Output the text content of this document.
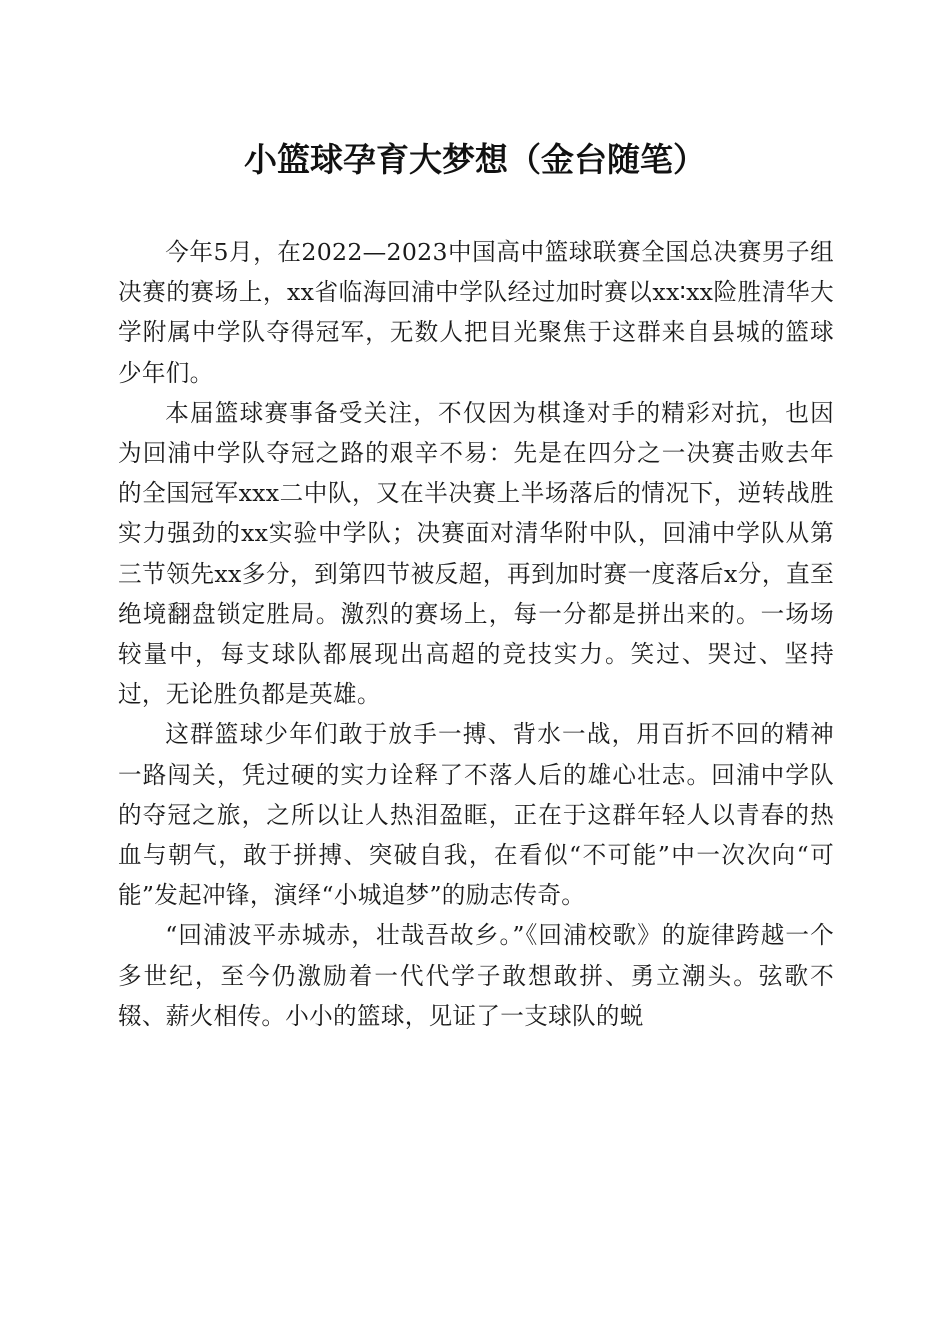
小篮球孕育大梦想（金台随笔）

今年5月，在2022—2023中国高中篮球联赛全国总决赛男子组决赛的赛场上，xx省临海回浦中学队经过加时赛以xx∶xx险胜清华大学附属中学队夺得冠军，无数人把目光聚焦于这群来自县城的篮球少年们。

本届篮球赛事备受关注，不仅因为棋逢对手的精彩对抗，也因为回浦中学队夺冠之路的艰辛不易：先是在四分之一决赛击败去年的全国冠军xxx二中队，又在半决赛上半场落后的情况下，逆转战胜实力强劲的xx实验中学队；决赛面对清华附中队，回浦中学队从第三节领先xx多分，到第四节被反超，再到加时赛一度落后x分，直至绝境翻盘锁定胜局。激烈的赛场上，每一分都是拼出来的。一场场较量中，每支球队都展现出高超的竞技实力。笑过、哭过、坚持过，无论胜负都是英雄。

这群篮球少年们敢于放手一搏、背水一战，用百折不回的精神一路闯关，凭过硬的实力诠释了不落人后的雄心壮志。回浦中学队的夺冠之旅，之所以让人热泪盈眶，正在于这群年轻人以青春的热血与朝气，敢于拼搏、突破自我，在看似“不可能”中一次次向“可能”发起冲锋，演绎“小城追梦”的励志传奇。

“回浦波平赤城赤，壮哉吾故乡。”《回浦校歌》的旋律跨越一个多世纪，至今仍激励着一代代学子敢想敢拼、勇立潮头。弦歌不辍、薪火相传。小小的篮球，见证了一支球队的蜕
